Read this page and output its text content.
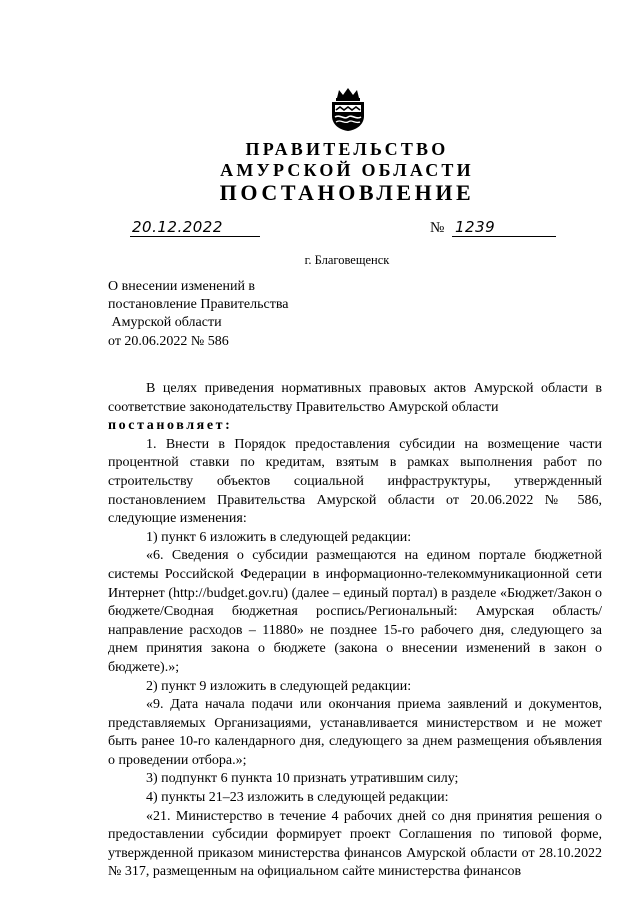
ПРАВИТЕЛЬСТВО
АМУРСКОЙ ОБЛАСТИ
ПОСТАНОВЛЕНИЕ
20.12.2022	№ 1239
г. Благовещенск
О внесении изменений в
постановление Правительства
Амурской области
от 20.06.2022 № 586

В целях приведения нормативных правовых актов Амурской области в соответствие законодательству Правительство Амурской области

постановляет:

1. Внести в Порядок предоставления субсидии на возмещение части процентной ставки по кредитам, взятым в рамках выполнения работ по строительству объектов социальной инфраструктуры, утвержденный постановлением Правительства Амурской области от 20.06.2022 № 586, следующие изменения:

1) пункт 6 изложить в следующей редакции:

«6. Сведения о субсидии размещаются на едином портале бюджетной системы Российской Федерации в информационно-телекоммуникационной сети Интернет (http://budget.gov.ru) (далее – единый портал) в разделе «Бюджет/Закон о бюджете/Сводная бюджетная роспись/Региональный: Амурская область/направление расходов – 11880» не позднее 15-го рабочего дня, следующего за днем принятия закона о бюджете (закона о внесении изменений в закон о бюджете).»;

2) пункт 9 изложить в следующей редакции:

«9. Дата начала подачи или окончания приема заявлений и документов, представляемых Организациями, устанавливается министерством и не может быть ранее 10-го календарного дня, следующего за днем размещения объявления о проведении отбора.»;

3) подпункт 6 пункта 10 признать утратившим силу;

4) пункты 21–23 изложить в следующей редакции:

«21. Министерство в течение 4 рабочих дней со дня принятия решения о предоставлении субсидии формирует проект Соглашения по типовой форме, утвержденной приказом министерства финансов Амурской области от 28.10.2022 № 317, размещенным на официальном сайте министерства финансов
